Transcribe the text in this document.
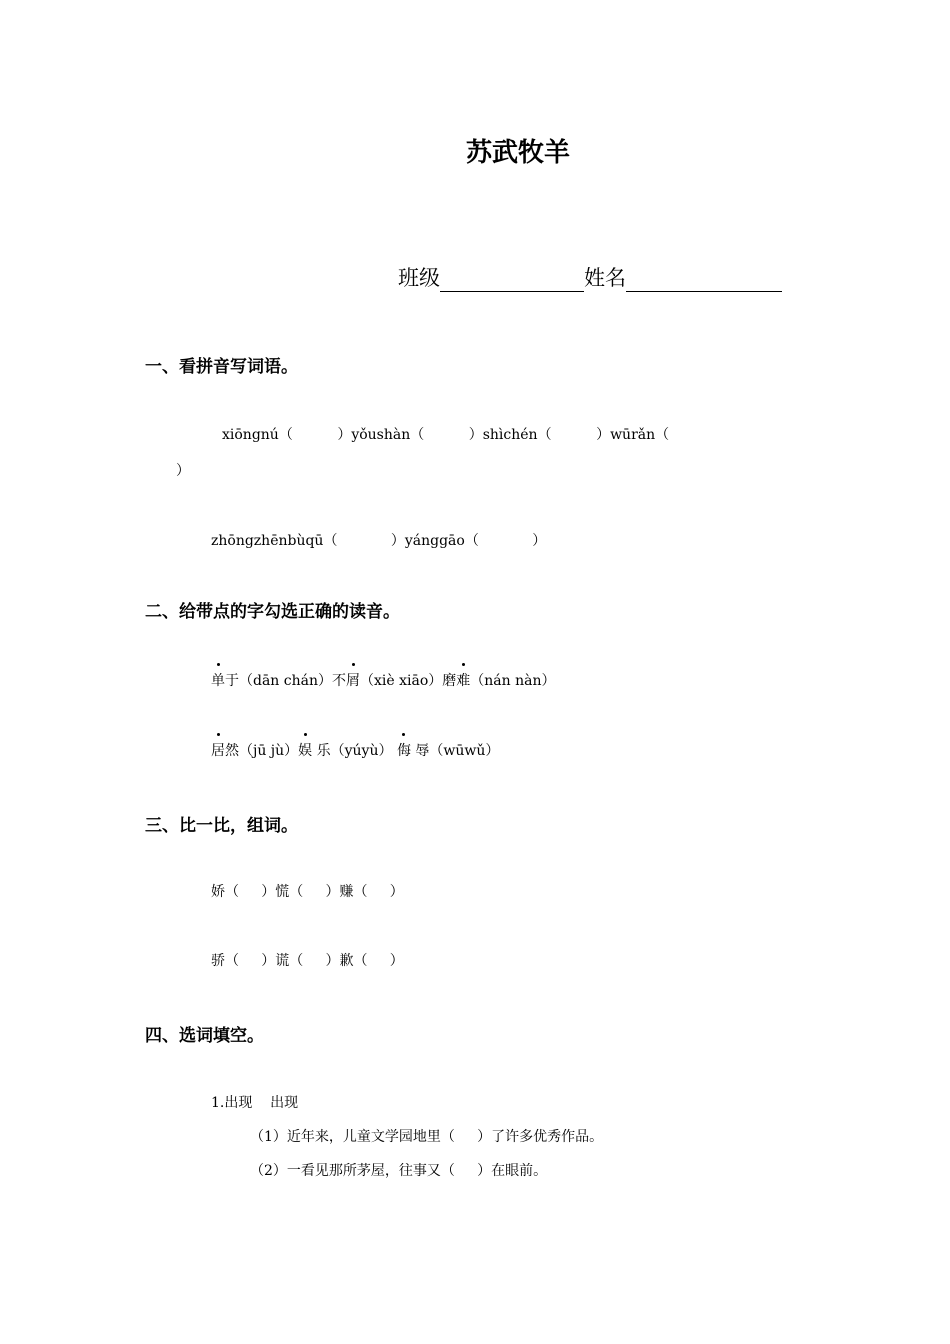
苏武牧羊
班级	姓名
一、看拼音写词语。
xiōngnú（          ）yǒushàn（          ）shìchén（          ）wūrǎn（
）
zhōngzhēnbùqū（            ）yánggāo（            ）
二、给带点的字勾选正确的读音。
单于（dān chán）不屑（xiè xiāo）磨难（nán nàn）
居然（jū jù）娱 乐（yúyù） 侮 辱（wūwǔ）
三、比一比，组词。
娇（     ）慌（     ）赚（     ）
骄（     ）谎（     ）歉（     ）
四、选词填空。
1.出现    出现
（1）近年来，儿童文学园地里（     ）了许多优秀作品。
（2）一看见那所茅屋，往事又（     ）在眼前。
